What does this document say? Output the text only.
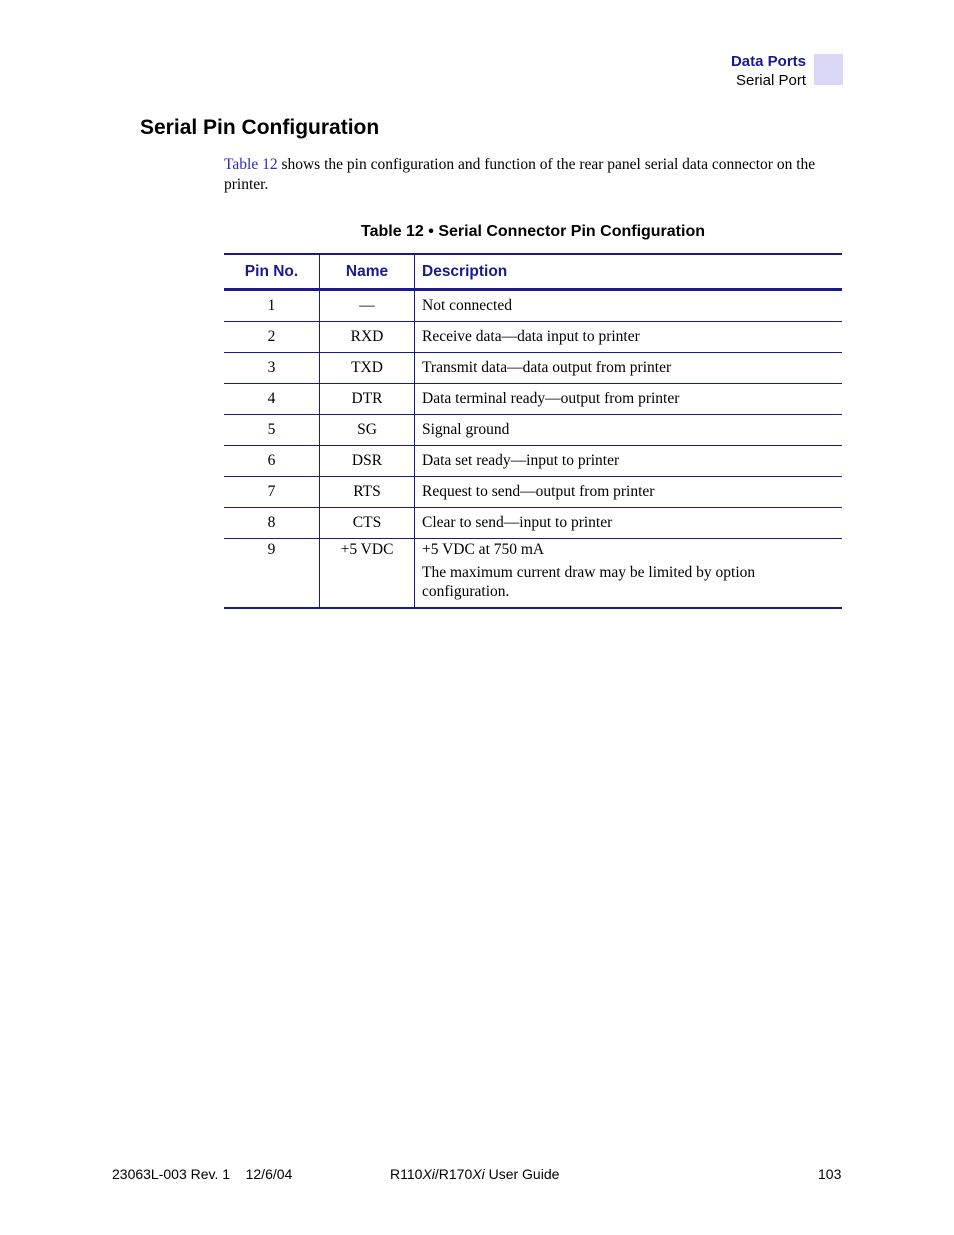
Data Ports
Serial Port
Serial Pin Configuration

Table 12 shows the pin configuration and function of the rear panel serial data connector on the printer.

Table 12 • Serial Connector Pin Configuration
Pin No.	Name	Description
1	—	Not connected
2	RXD	Receive data—data input to printer
3	TXD	Transmit data—data output from printer
4	DTR	Data terminal ready—output from printer
5	SG	Signal ground
6	DSR	Data set ready—input to printer
7	RTS	Request to send—output from printer
8	CTS	Clear to send—input to printer
9	+5 VDC	+5 VDC at 750 mA
The maximum current draw may be limited by option configuration.
23063L-003 Rev. 1    12/6/04	R110Xi/R170Xi User Guide	103
